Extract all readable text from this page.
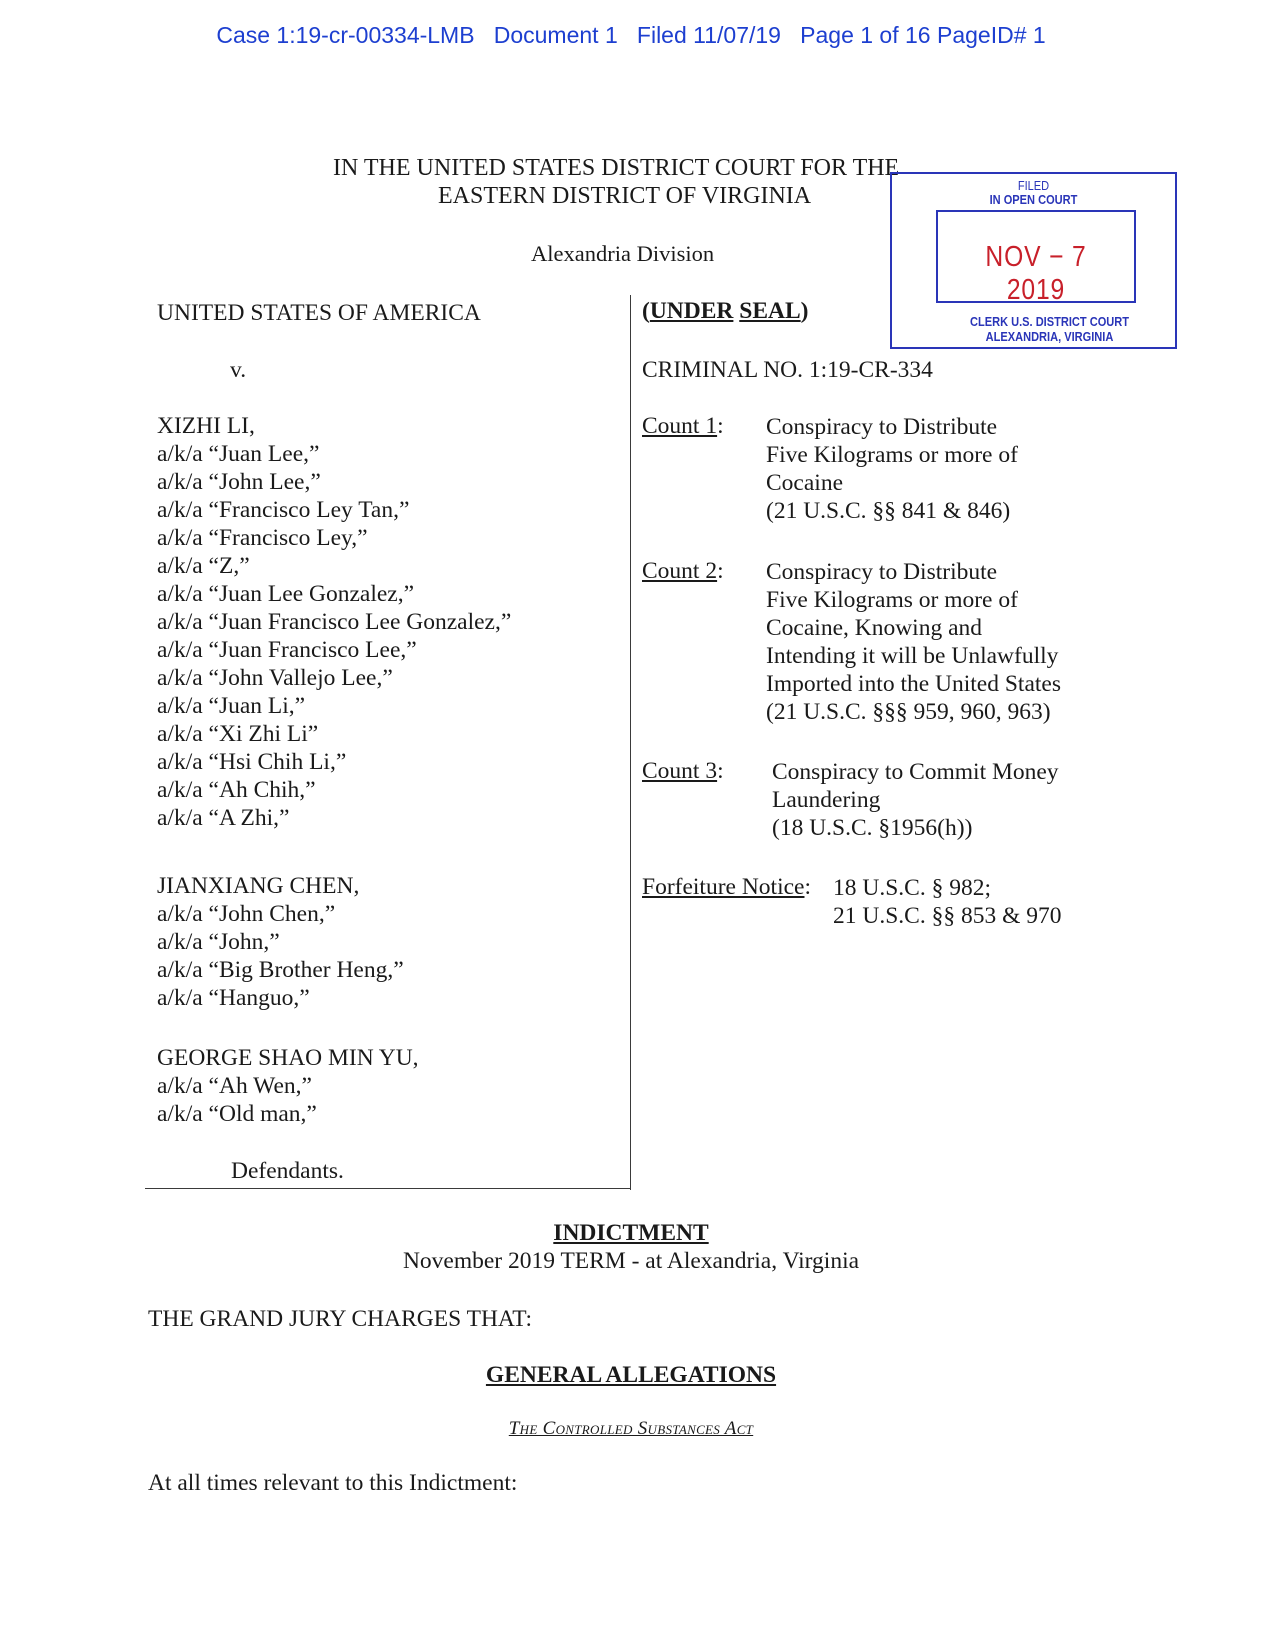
Case 1:19-cr-00334-LMB   Document 1   Filed 11/07/19   Page 1 of 16 PageID# 1
IN THE UNITED STATES DISTRICT COURT FOR THE
EASTERN DISTRICT OF VIRGINIA
Alexandria Division
FILED
IN OPEN COURT
NOV − 7 2019
CLERK U.S. DISTRICT COURT
ALEXANDRIA, VIRGINIA
UNITED STATES OF AMERICA
v.
XIZHI LI,
a/k/a “Juan Lee,”
a/k/a “John Lee,”
a/k/a “Francisco Ley Tan,”
a/k/a “Francisco Ley,”
a/k/a “Z,”
a/k/a “Juan Lee Gonzalez,”
a/k/a “Juan Francisco Lee Gonzalez,”
a/k/a “Juan Francisco Lee,”
a/k/a “John Vallejo Lee,”
a/k/a “Juan Li,”
a/k/a “Xi Zhi Li”
a/k/a “Hsi Chih Li,”
a/k/a “Ah Chih,”
a/k/a “A Zhi,”
JIANXIANG CHEN,
a/k/a “John Chen,”
a/k/a “John,”
a/k/a “Big Brother Heng,”
a/k/a “Hanguo,”
GEORGE SHAO MIN YU,
a/k/a “Ah Wen,”
a/k/a “Old man,”
Defendants.
(UNDER SEAL)
CRIMINAL NO. 1:19-CR-334
Count 1: Conspiracy to Distribute
Five Kilograms or more of
Cocaine
(21 U.S.C. §§ 841 & 846)
Count 2: Conspiracy to Distribute
Five Kilograms or more of
Cocaine, Knowing and
Intending it will be Unlawfully
Imported into the United States
(21 U.S.C. §§§ 959, 960, 963)
Count 3: Conspiracy to Commit Money
Laundering
(18 U.S.C. §1956(h))
Forfeiture Notice: 18 U.S.C. § 982;
21 U.S.C. §§ 853 & 970
INDICTMENT
November 2019 TERM - at Alexandria, Virginia
THE GRAND JURY CHARGES THAT:
GENERAL ALLEGATIONS
The Controlled Substances Act
At all times relevant to this Indictment:
